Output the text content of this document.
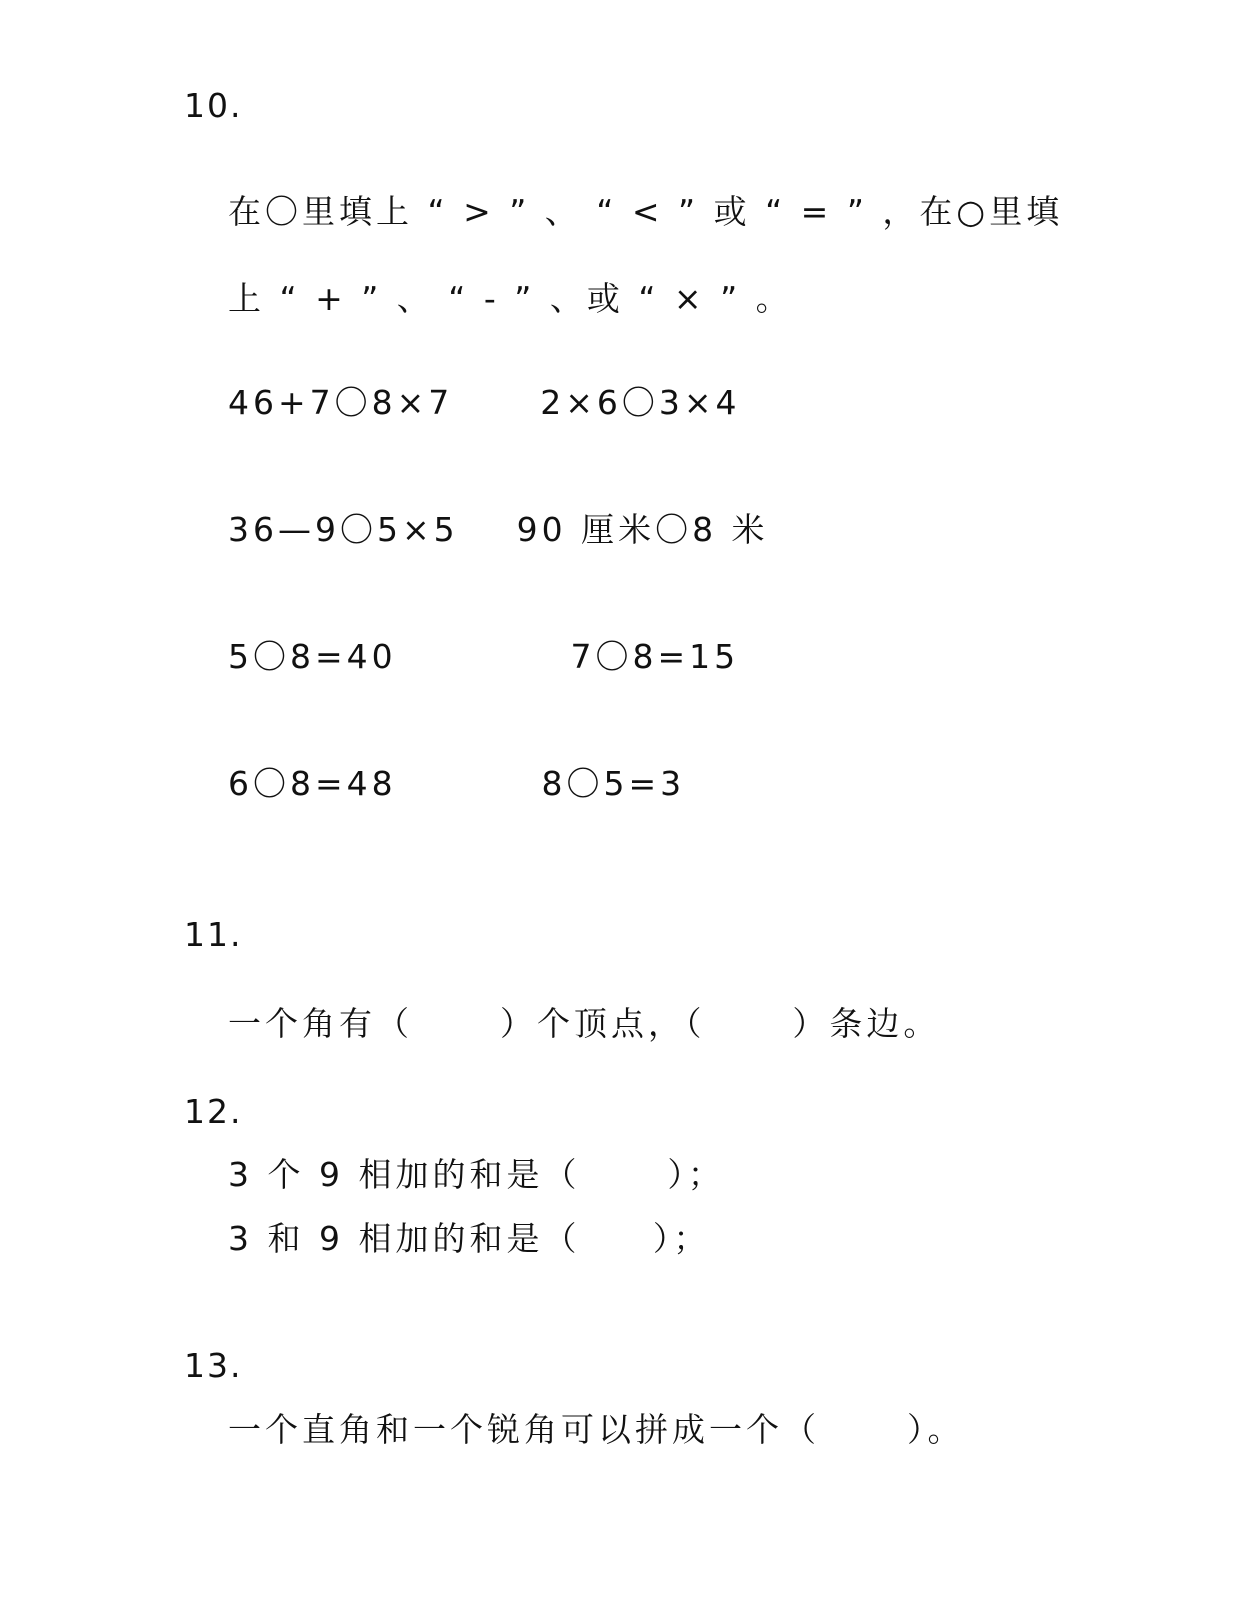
10.
在〇里填上 “ > ” 、 “ < ” 或 “ = ” ，在○里填
上 “ + ” 、 “ - ” 、或 “ × ” 。
46+7〇8×7      2×6〇3×4
36—9〇5×5    90 厘米〇8 米
5〇8=40            7〇8=15
6〇8=48          8〇5=3
11.
一个角有（      ）个顶点，（      ）条边。
12.
3 个 9 相加的和是（      ）；
3 和 9 相加的和是（     ）；
13.
一个直角和一个锐角可以拼成一个（      ）。
